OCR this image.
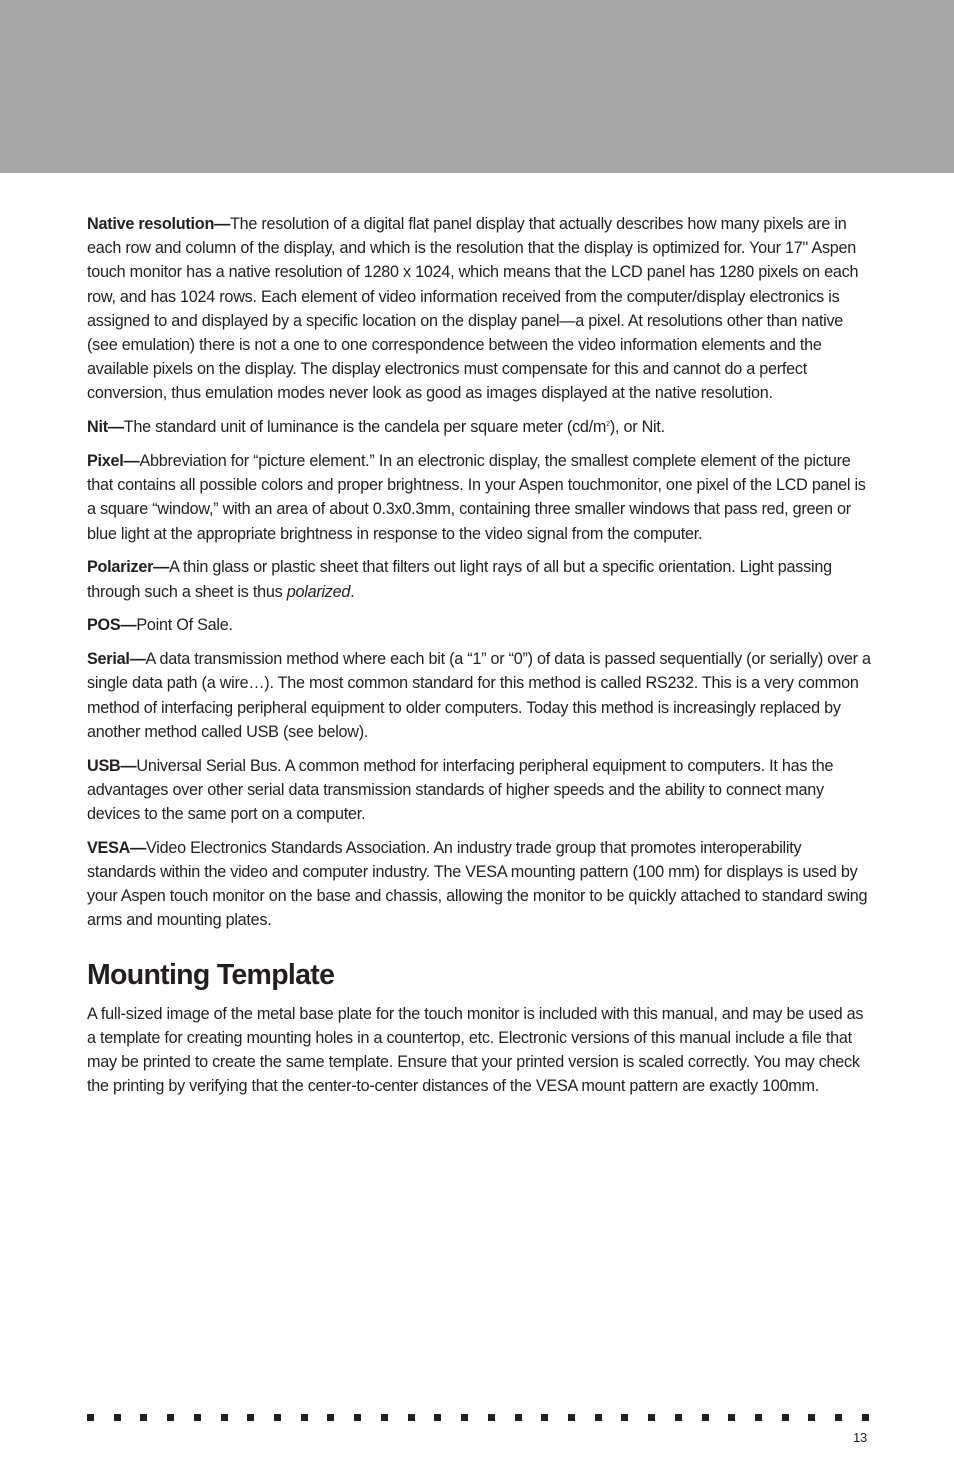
Native resolution—The resolution of a digital flat panel display that actually describes how many pixels are in each row and column of the display, and which is the resolution that the display is optimized for. Your 17" Aspen touch monitor has a native resolution of 1280 x 1024, which means that the LCD panel has 1280 pixels on each row, and has 1024 rows. Each element of video information received from the computer/display electronics is assigned to and displayed by a specific location on the display panel—a pixel. At resolutions other than native (see emulation) there is not a one to one correspondence between the video information elements and the available pixels on the display. The display electronics must compensate for this and cannot do a perfect conversion, thus emulation modes never look as good as images displayed at the native resolution.

Nit—The standard unit of luminance is the candela per square meter $(cd/m^2)$, or Nit.

Pixel—Abbreviation for “picture element.” In an electronic display, the smallest complete element of the picture that contains all possible colors and proper brightness. In your Aspen touchmonitor, one pixel of the LCD panel is a square “window,” with an area of about 0.3x0.3mm, containing three smaller windows that pass red, green or blue light at the appropriate brightness in response to the video signal from the computer.

Polarizer—A thin glass or plastic sheet that filters out light rays of all but a specific orientation. Light passing through such a sheet is thus polarized.

POS—Point Of Sale.

Serial—A data transmission method where each bit (a “1” or “0”) of data is passed sequentially (or serially) over a single data path (a wire…). The most common standard for this method is called RS232. This is a very common method of interfacing peripheral equipment to older computers. Today this method is increasingly replaced by another method called USB (see below).

USB—Universal Serial Bus. A common method for interfacing peripheral equipment to computers. It has the advantages over other serial data transmission standards of higher speeds and the ability to connect many devices to the same port on a computer.

VESA—Video Electronics Standards Association. An industry trade group that promotes interoperability standards within the video and computer industry. The VESA mounting pattern (100 mm) for displays is used by your Aspen touch monitor on the base and chassis, allowing the monitor to be quickly attached to standard swing arms and mounting plates.

Mounting Template

A full-sized image of the metal base plate for the touch monitor is included with this manual, and may be used as a template for creating mounting holes in a countertop, etc. Electronic versions of this manual include a file that may be printed to create the same template. Ensure that your printed version is scaled correctly. You may check the printing by verifying that the center-to-center distances of the VESA mount pattern are exactly 100mm.

13
